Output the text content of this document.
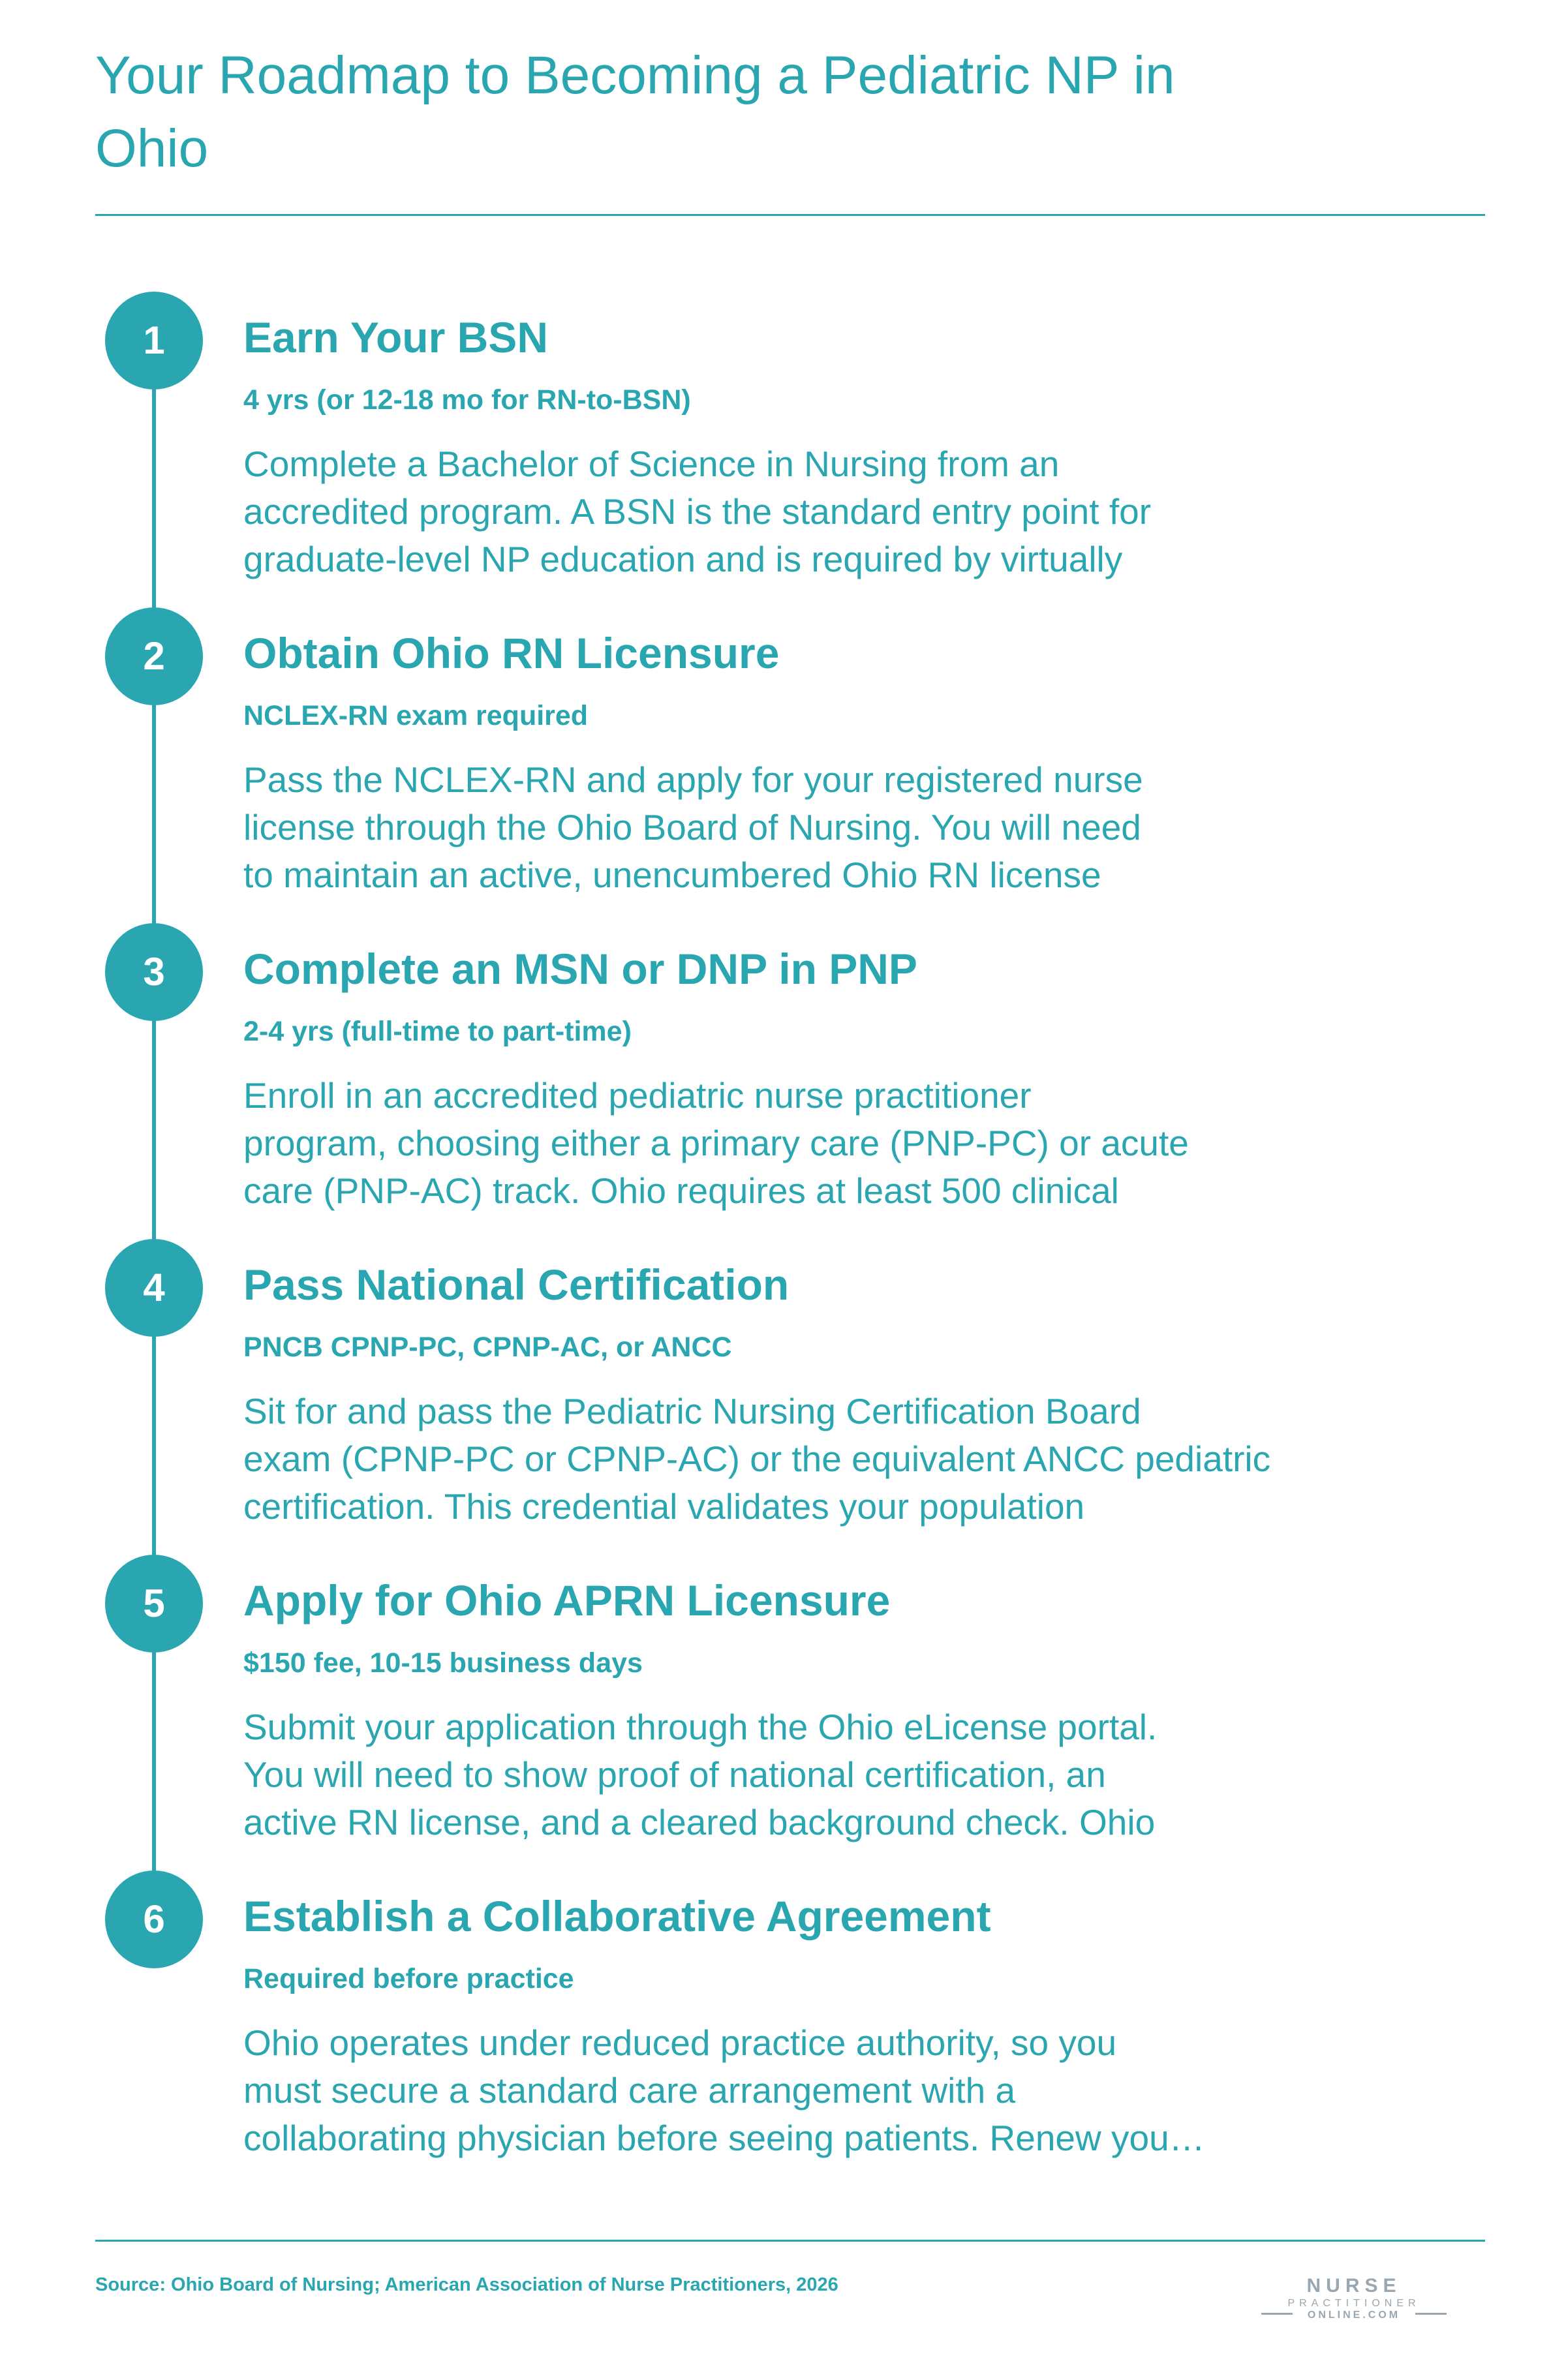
Your Roadmap to Becoming a Pediatric NP in Ohio
1	Earn Your BSN
4 yrs (or 12-18 mo for RN-to-BSN)
Complete a Bachelor of Science in Nursing from an
accredited program. A BSN is the standard entry point for
graduate-level NP education and is required by virtually
2	Obtain Ohio RN Licensure
NCLEX-RN exam required
Pass the NCLEX-RN and apply for your registered nurse
license through the Ohio Board of Nursing. You will need
to maintain an active, unencumbered Ohio RN license
3	Complete an MSN or DNP in PNP
2-4 yrs (full-time to part-time)
Enroll in an accredited pediatric nurse practitioner
program, choosing either a primary care (PNP-PC) or acute
care (PNP-AC) track. Ohio requires at least 500 clinical
4	Pass National Certification
PNCB CPNP-PC, CPNP-AC, or ANCC
Sit for and pass the Pediatric Nursing Certification Board
exam (CPNP-PC or CPNP-AC) or the equivalent ANCC pediatric
certification. This credential validates your population
5	Apply for Ohio APRN Licensure
$150 fee, 10-15 business days
Submit your application through the Ohio eLicense portal.
You will need to show proof of national certification, an
active RN license, and a cleared background check. Ohio
6	Establish a Collaborative Agreement
Required before practice
Ohio operates under reduced practice authority, so you
must secure a standard care arrangement with a
collaborating physician before seeing patients. Renew you…
Source: Ohio Board of Nursing; American Association of Nurse Practitioners, 2026	NURSE
PRACTITIONER
ONLINE.COM
